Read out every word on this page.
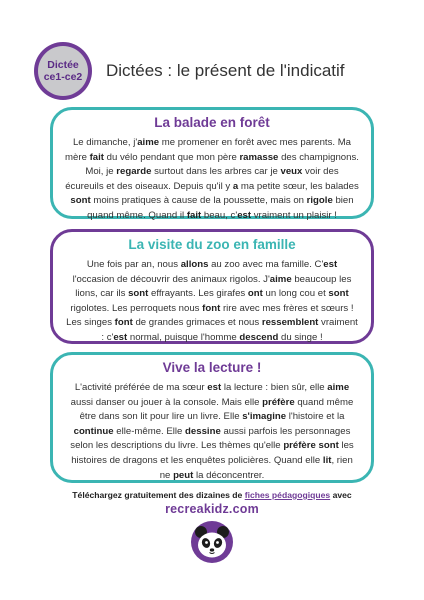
Dictée
ce1-ce2 Dictées : le présent de l'indicatif
La balade en forêt
Le dimanche, j'aime me promener en forêt avec mes parents. Ma mère fait du vélo pendant que mon père ramasse des champignons. Moi, je regarde surtout dans les arbres car je veux voir des écureuils et des oiseaux. Depuis qu'il y a ma petite sœur, les balades sont moins pratiques à cause de la poussette, mais on rigole bien quand même. Quand il fait beau, c'est vraiment un plaisir !
La visite du zoo en famille
Une fois par an, nous allons au zoo avec ma famille. C'est l'occasion de découvrir des animaux rigolos. J'aime beaucoup les lions, car ils sont effrayants. Les girafes ont un long cou et sont rigolotes. Les perroquets nous font rire avec mes frères et sœurs ! Les singes font de grandes grimaces et nous ressemblent vraiment : c'est normal, puisque l'homme descend du singe !
Vive la lecture !
L'activité préférée de ma sœur est la lecture : bien sûr, elle aime aussi danser ou jouer à la console. Mais elle préfère quand même être dans son lit pour lire un livre. Elle s'imagine l'histoire et la continue elle-même. Elle dessine aussi parfois les personnages selon les descriptions du livre. Les thèmes qu'elle préfère sont les histoires de dragons et les enquêtes policières. Quand elle lit, rien ne peut la déconcentrer.
Téléchargez gratuitement des dizaines de fiches pédagogiques avec
recreakidz.com
